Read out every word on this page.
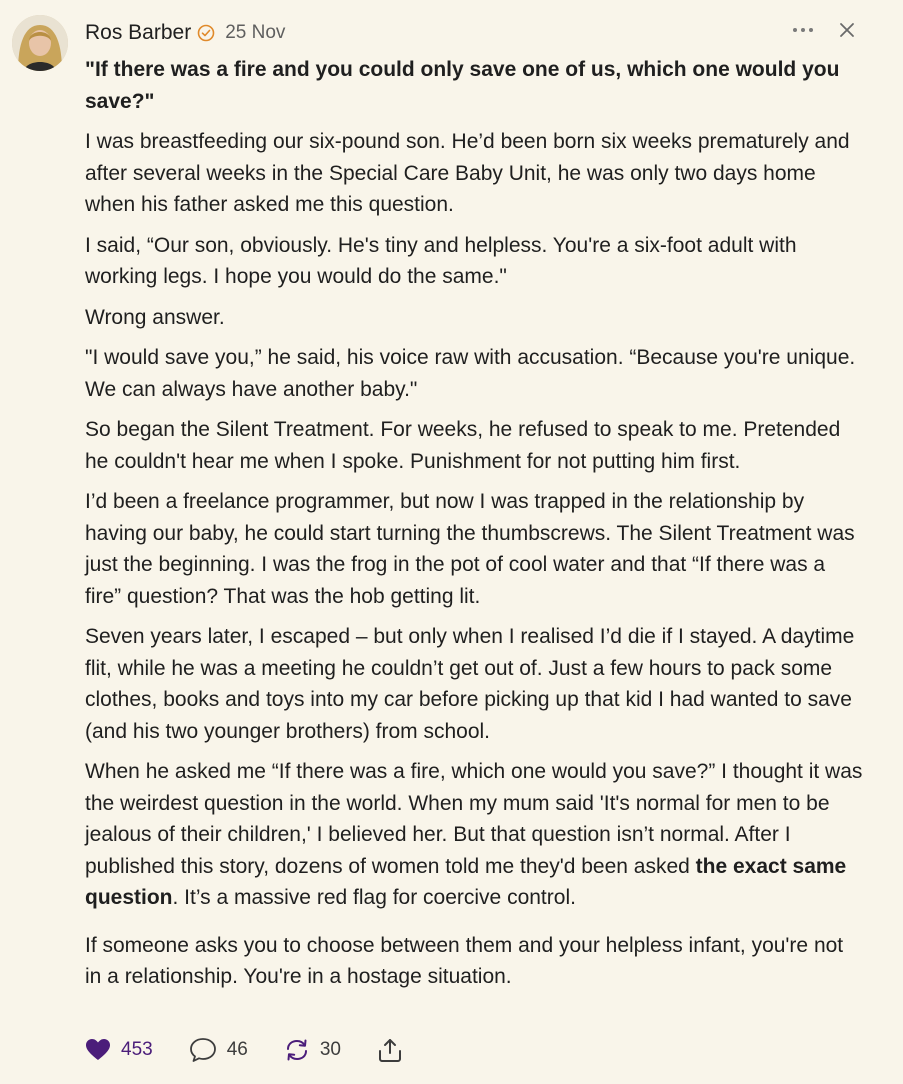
Ros Barber 25 Nov

"If there was a fire and you could only save one of us, which one would you save?"

I was breastfeeding our six-pound son. He’d been born six weeks prematurely and after several weeks in the Special Care Baby Unit, he was only two days home when his father asked me this question.

I said, “Our son, obviously. He's tiny and helpless. You're a six-foot adult with working legs. I hope you would do the same."

Wrong answer.

"I would save you,” he said, his voice raw with accusation. “Because you're unique. We can always have another baby."

So began the Silent Treatment. For weeks, he refused to speak to me. Pretended he couldn't hear me when I spoke. Punishment for not putting him first.

I’d been a freelance programmer, but now I was trapped in the relationship by having our baby, he could start turning the thumbscrews. The Silent Treatment was just the beginning. I was the frog in the pot of cool water and that “If there was a fire” question? That was the hob getting lit.

Seven years later, I escaped – but only when I realised I’d die if I stayed. A daytime flit, while he was a meeting he couldn’t get out of. Just a few hours to pack some clothes, books and toys into my car before picking up that kid I had wanted to save (and his two younger brothers) from school.

When he asked me “If there was a fire, which one would you save?” I thought it was the weirdest question in the world. When my mum said 'It's normal for men to be jealous of their children,' I believed her. But that question isn’t normal. After I published this story, dozens of women told me they'd been asked the exact same question. It’s a massive red flag for coercive control.

If someone asks you to choose between them and your helpless infant, you're not in a relationship. You're in a hostage situation.

453	46	30
